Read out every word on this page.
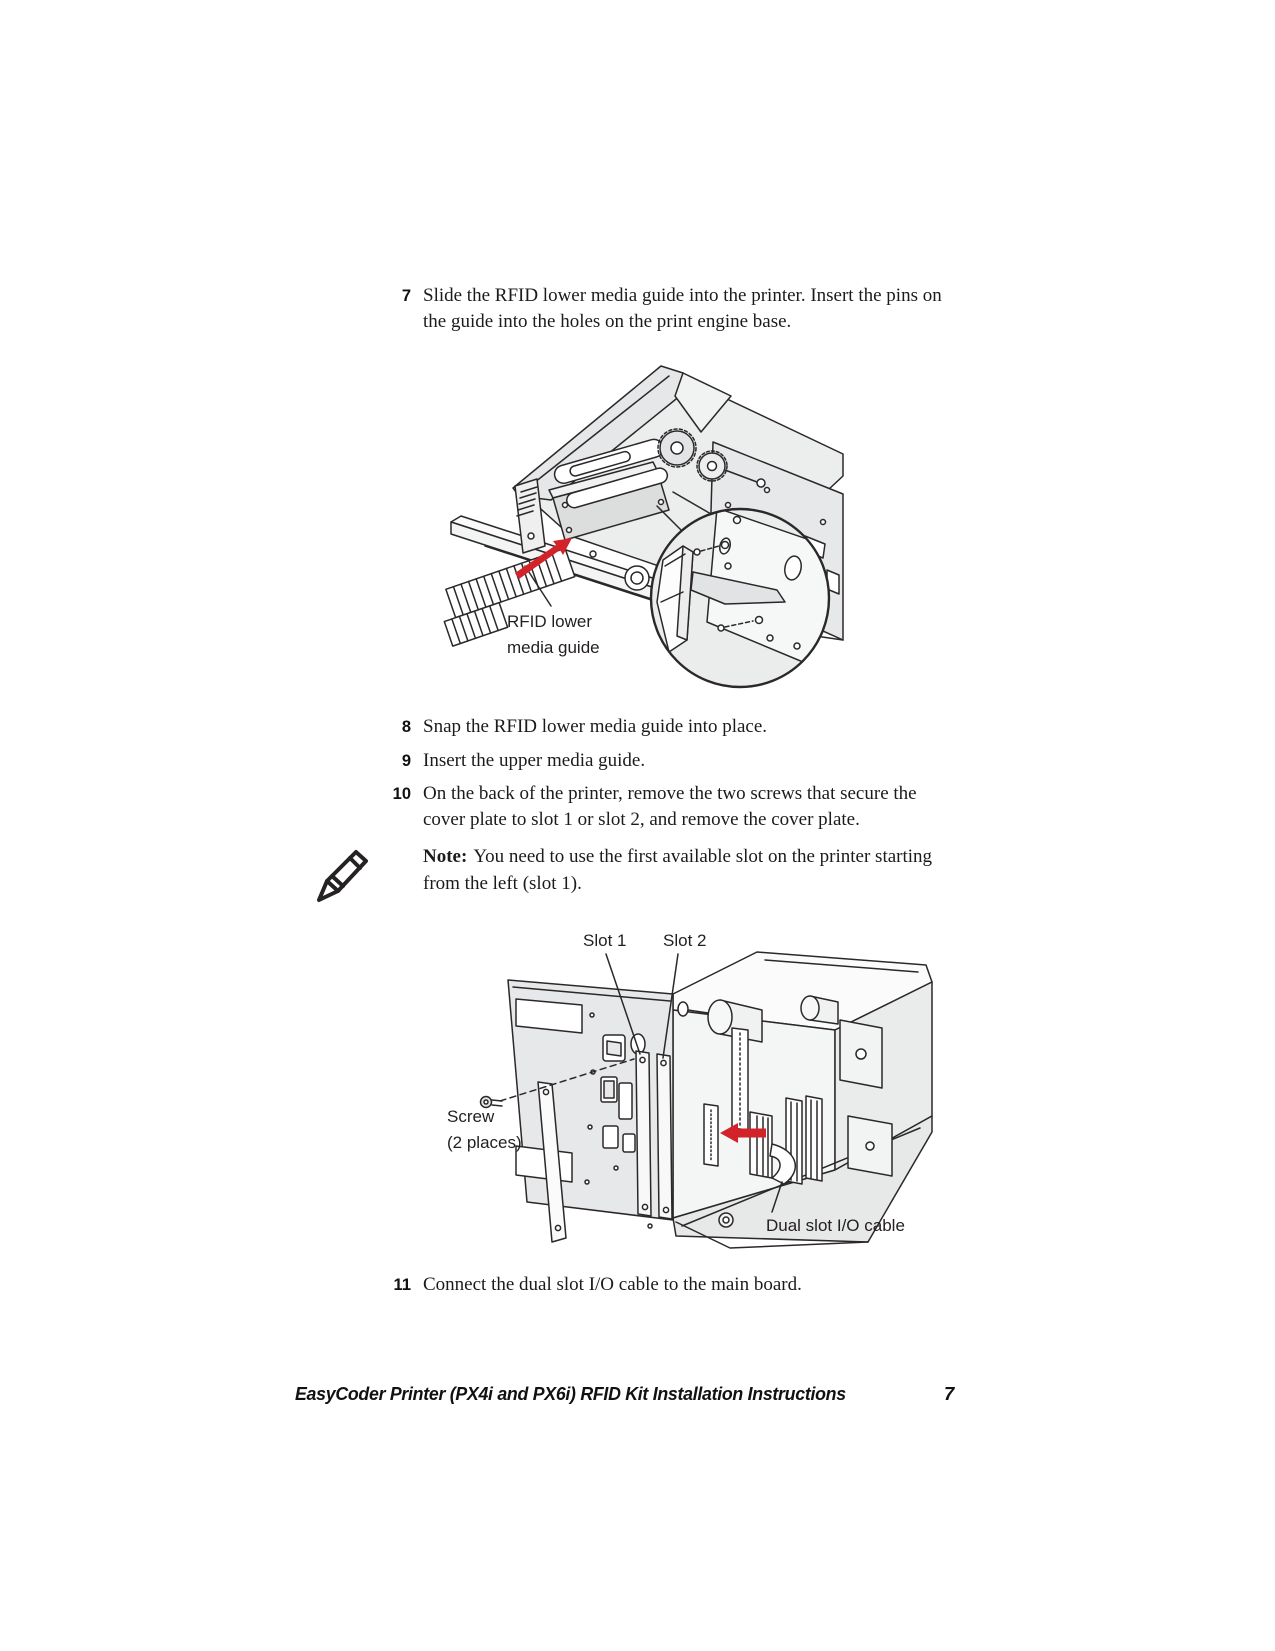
7 Slide the RFID lower media guide into the printer. Insert the pins on the guide into the holes on the print engine base.
RFID lower
media guide
8 Snap the RFID lower media guide into place.
9 Insert the upper media guide.
10 On the back of the printer, remove the two screws that secure the cover plate to slot 1 or slot 2, and remove the cover plate.
Note: You need to use the first available slot on the printer starting from the left (slot 1).
Slot 1 Slot 2
Screw
(2 places)
Dual slot I/O cable
11 Connect the dual slot I/O cable to the main board.
EasyCoder Printer (PX4i and PX6i) RFID Kit Installation Instructions	7
